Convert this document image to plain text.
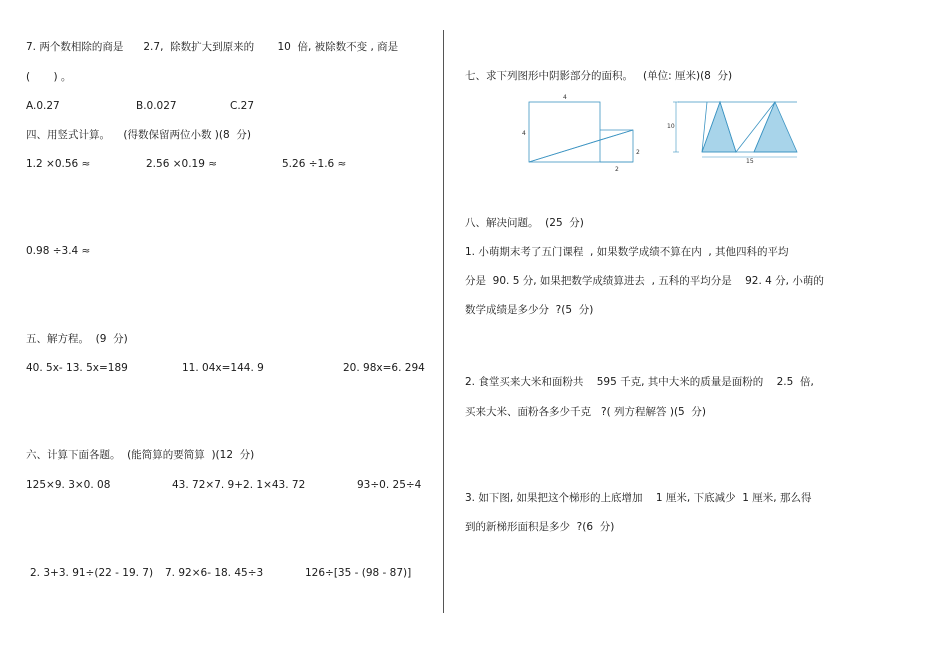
7. 两个数相除的商是      2.7,  除数扩大到原来的       10  倍, 被除数不变 , 商是
(       ) 。
A.0.27	B.0.027	C.27
四、用竖式计算。    (得数保留两位小数 )(8  分)
1.2 ×0.56 ≈	2.56 ×0.19 ≈	5.26 ÷1.6 ≈
0.98 ÷3.4 ≈
五、解方程。  (9  分)
40. 5x- 13. 5x=189	11. 04x=144. 9	20. 98x=6. 294
六、计算下面各题。  (能简算的要简算  )(12  分)
125×9. 3×0. 08	43. 72×7. 9+2. 1×43. 72	93÷0. 25÷4
2. 3+3. 91÷(22 - 19. 7) 7. 92×6- 18. 45÷3	126÷[35 - (98 - 87)]
七、求下列图形中阴影部分的面积。   (单位: 厘米)(8  分)
4
4
2
2
10
15
八、解决问题。  (25  分)
1. 小萌期末考了五门课程  , 如果数学成绩不算在内  , 其他四科的平均
分是  90. 5 分, 如果把数学成绩算进去  , 五科的平均分是    92. 4 分, 小萌的
数学成绩是多少分  ?(5  分)
2. 食堂买来大米和面粉共    595 千克, 其中大米的质量是面粉的    2.5  倍,
买来大米、面粉各多少千克   ?( 列方程解答 )(5  分)
3. 如下图, 如果把这个梯形的上底增加    1 厘米, 下底减少  1 厘米, 那么得
到的新梯形面积是多少  ?(6  分)
